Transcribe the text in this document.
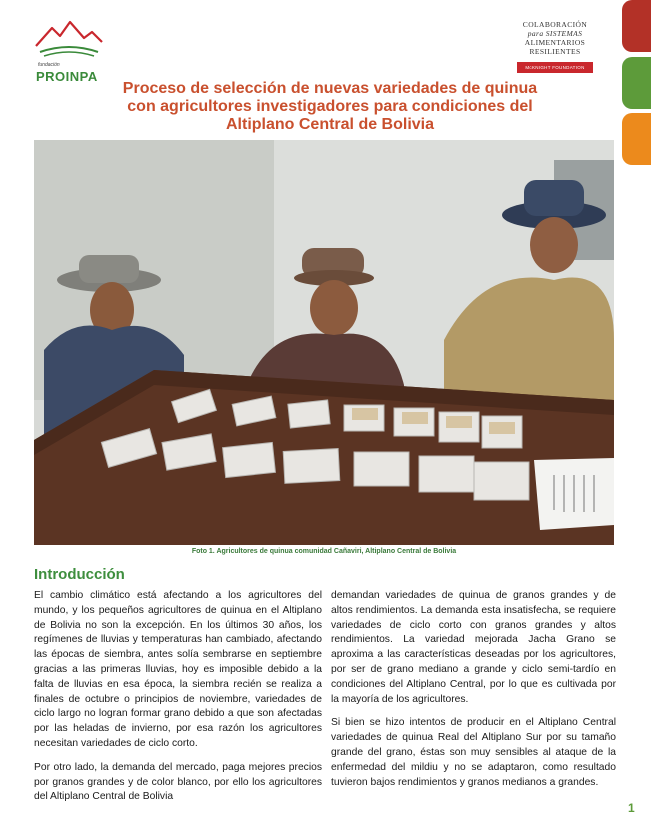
fundación
PROINPA
COLABORACIÓN
para SISTEMAS
ALIMENTARIOS
RESILIENTES
McKNIGHT FOUNDATION
Proceso de selección de nuevas variedades de quinua
con agricultores investigadores para condiciones del
Altiplano Central de Bolivia
Foto 1. Agricultores de quinua comunidad Cañaviri, Altiplano Central de Bolivia
Introducción

El cambio climático está afectando a los agricultores del mundo, y los pequeños agricultores de quinua en el Altiplano de Bolivia no son la excepción. En los últimos 30 años, los regímenes de lluvias y temperaturas han cambiado, afectando las épocas de siembra, antes solía sembrarse en septiembre gracias a las primeras lluvias, hoy es imposible debido a la falta de lluvias en esa época, la siembra recién se realiza a finales de octubre o principios de noviembre, variedades de ciclo largo no logran formar grano debido a que son afectadas por las heladas de invierno, por esa razón los agricultores necesitan variedades de ciclo corto.

Por otro lado, la demanda del mercado, paga mejores precios por granos grandes y de color blanco, por ello los agricultores del Altiplano Central de Bolivia

demandan variedades de quinua de granos grandes y de altos rendimientos. La demanda esta insatisfecha, se requiere variedades de ciclo corto con granos grandes y altos rendimientos. La variedad mejorada Jacha Grano se aproxima a las características deseadas por los agricultores, por ser de grano mediano a grande y ciclo semi-tardío en condiciones del Altiplano Central, por lo que es cultivada por la mayoría de los agricultores.

Si bien se hizo intentos de producir en el Altiplano Central variedades de quinua Real del Altiplano Sur por su tamaño grande del grano, éstas son muy sensibles al ataque de la enfermedad del mildiu y no se adaptaron, como resultado tuvieron bajos rendimientos y granos medianos a grandes.

1
